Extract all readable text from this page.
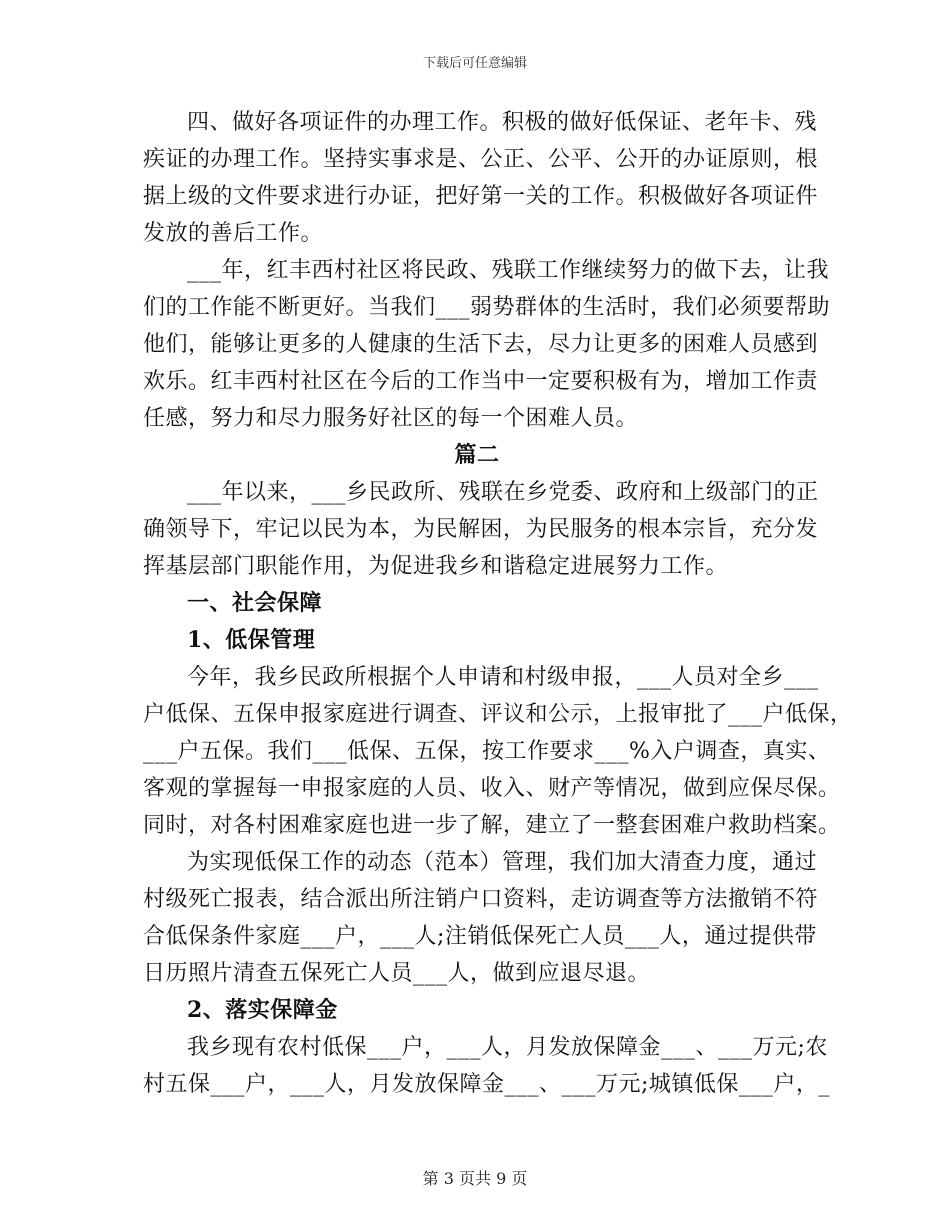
下载后可任意编辑
四、做好各项证件的办理工作。积极的做好低保证、老年卡、残
疾证的办理工作。坚持实事求是、公正、公平、公开的办证原则，根
据上级的文件要求进行办证，把好第一关的工作。积极做好各项证件
发放的善后工作。
___年，红丰西村社区将民政、残联工作继续努力的做下去，让我
们的工作能不断更好。当我们___弱势群体的生活时，我们必须要帮助
他们，能够让更多的人健康的生活下去，尽力让更多的困难人员感到
欢乐。红丰西村社区在今后的工作当中一定要积极有为，增加工作责
任感，努力和尽力服务好社区的每一个困难人员。
篇二
___年以来，___乡民政所、残联在乡党委、政府和上级部门的正
确领导下，牢记以民为本，为民解困，为民服务的根本宗旨，充分发
挥基层部门职能作用，为促进我乡和谐稳定进展努力工作。
一、社会保障
1、低保管理
今年，我乡民政所根据个人申请和村级申报，___人员对全乡___
户低保、五保申报家庭进行调查、评议和公示，上报审批了___户低保，
___户五保。我们___低保、五保，按工作要求___%入户调查，真实、
客观的掌握每一申报家庭的人员、收入、财产等情况，做到应保尽保。
同时，对各村困难家庭也进一步了解，建立了一整套困难户救助档案。
为实现低保工作的动态（范本）管理，我们加大清查力度，通过
村级死亡报表，结合派出所注销户口资料，走访调查等方法撤销不符
合低保条件家庭___户，___人;注销低保死亡人员___人，通过提供带
日历照片清查五保死亡人员___人，做到应退尽退。
2、落实保障金
我乡现有农村低保___户，___人，月发放保障金___、___万元;农
村五保___户，___人，月发放保障金___、___万元;城镇低保___户，_
第 3 页共 9 页
